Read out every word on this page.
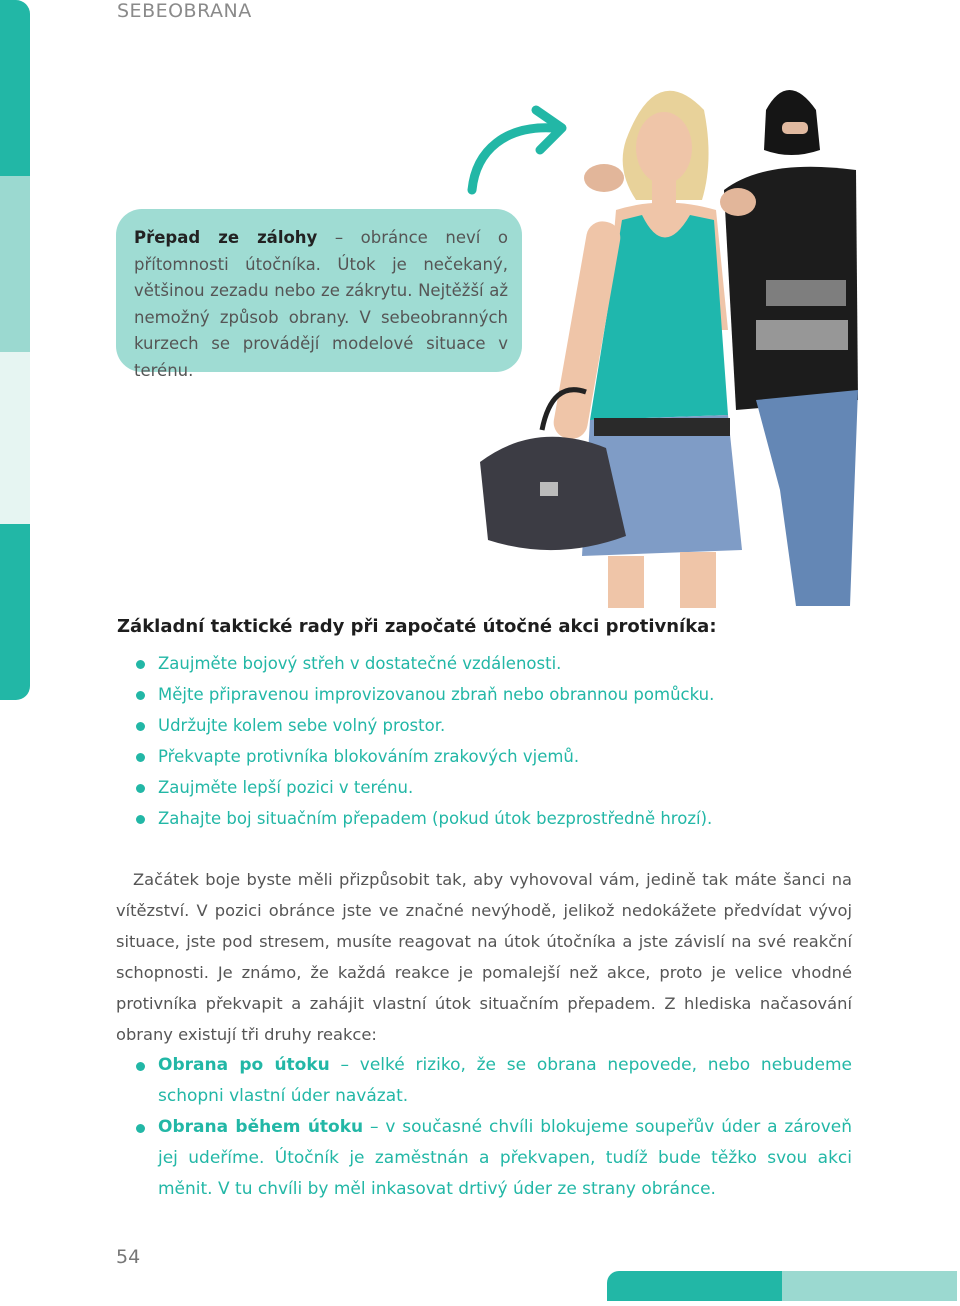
SEBEOBRANA
Přepad ze zálohy – obránce neví o přítomnosti útočníka. Útok je nečekaný, většinou zezadu nebo ze zákrytu. Nejtěžší až nemožný způsob obrany. V sebeobranných kurzech se provádějí modelové situace v terénu.
Základní taktické rady při započaté útočné akci protivníka:
Zaujměte bojový střeh v dostatečné vzdálenosti.
Mějte připravenou improvizovanou zbraň nebo obrannou pomůcku.
Udržujte kolem sebe volný prostor.
Překvapte protivníka blokováním zrakových vjemů.
Zaujměte lepší pozici v terénu.
Zahajte boj situačním přepadem (pokud útok bezprostředně hrozí).

Začátek boje byste měli přizpůsobit tak, aby vyhovoval vám, jedině tak máte šanci na vítězství. V pozici obránce jste ve značné nevýhodě, jelikož nedokážete předvídat vývoj situace, jste pod stresem, musíte reagovat na útok útočníka a jste závislí na své reakční schopnosti. Je známo, že každá reakce je pomalejší než akce, proto je velice vhodné protivníka překvapit a zahájit vlastní útok situačním přepadem. Z hlediska načasování obrany existují tři druhy reakce:

Obrana po útoku – velké riziko, že se obrana nepovede, nebo nebudeme schopni vlastní úder navázat.
Obrana během útoku – v současné chvíli blokujeme soupeřův úder a zároveň jej udeříme. Útočník je zaměstnán a překvapen, tudíž bude těžko svou akci měnit. V tu chvíli by měl inkasovat drtivý úder ze strany obránce.
54
